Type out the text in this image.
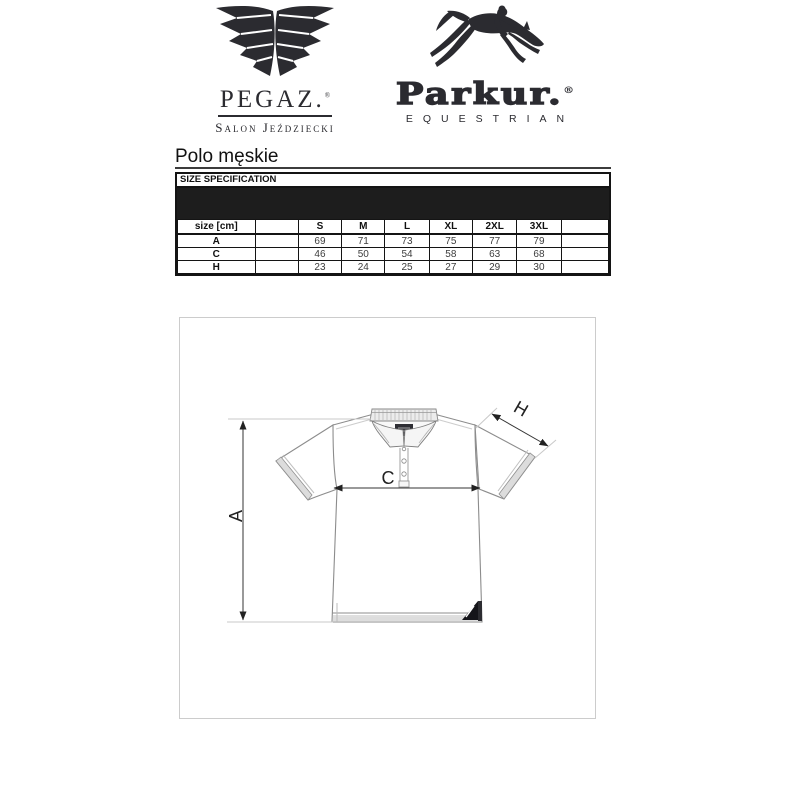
PEGAZ.®
Salon Jeździecki
Parkur.®
EQUESTRIAN
Polo męskie
SIZE SPECIFICATION
size [cm]		S	M	L	XL	2XL	3XL	
A		69	71	73	75	77	79	
C		46	50	54	58	63	68	
H		23	24	25	27	29	30	
A
C
H
